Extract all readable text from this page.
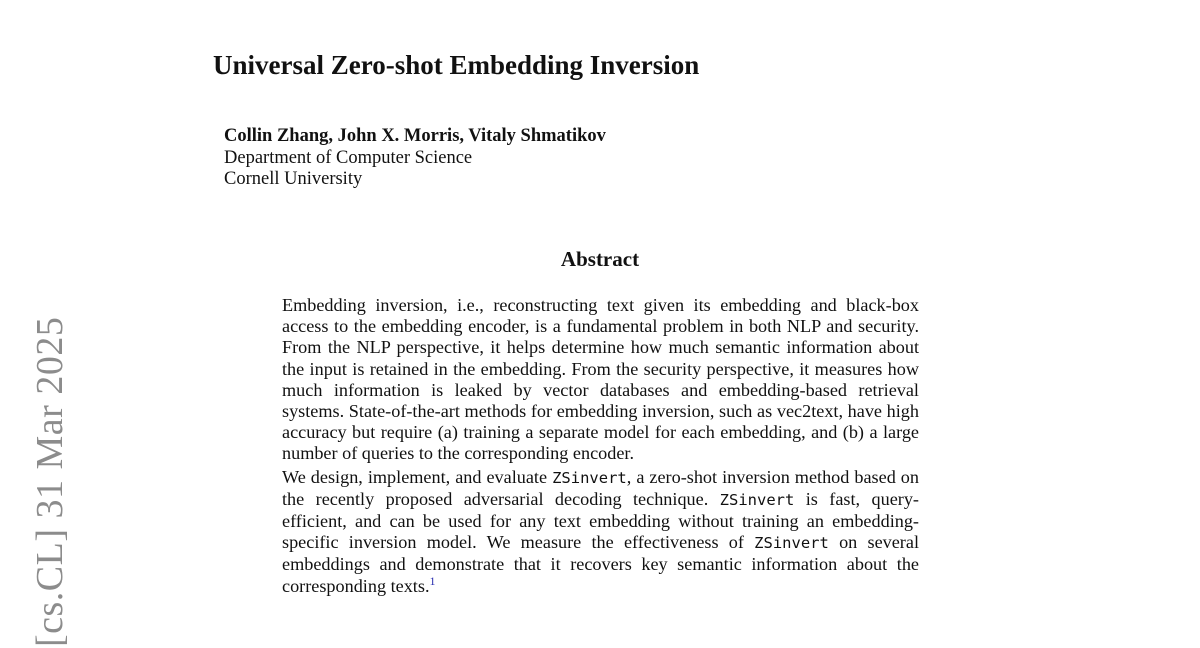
[cs.CL] 31 Mar 2025
Universal Zero-shot Embedding Inversion
Collin Zhang, John X. Morris, Vitaly Shmatikov
Department of Computer Science
Cornell University
Abstract

Embedding inversion, i.e., reconstructing text given its embedding and black-box access to the embedding encoder, is a fundamental problem in both NLP and security. From the NLP perspective, it helps determine how much semantic information about the input is retained in the embedding. From the security perspective, it measures how much information is leaked by vector databases and embedding-based retrieval systems. State-of-the-art methods for embedding inversion, such as vec2text, have high accuracy but require (a) training a separate model for each embedding, and (b) a large number of queries to the corresponding encoder.

We design, implement, and evaluate ZSinvert, a zero-shot inversion method based on the recently proposed adversarial decoding technique. ZSinvert is fast, query-efficient, and can be used for any text embedding without training an embedding-specific inversion model. We measure the effectiveness of ZSinvert on several embeddings and demonstrate that it recovers key semantic information about the corresponding texts.$^1$
